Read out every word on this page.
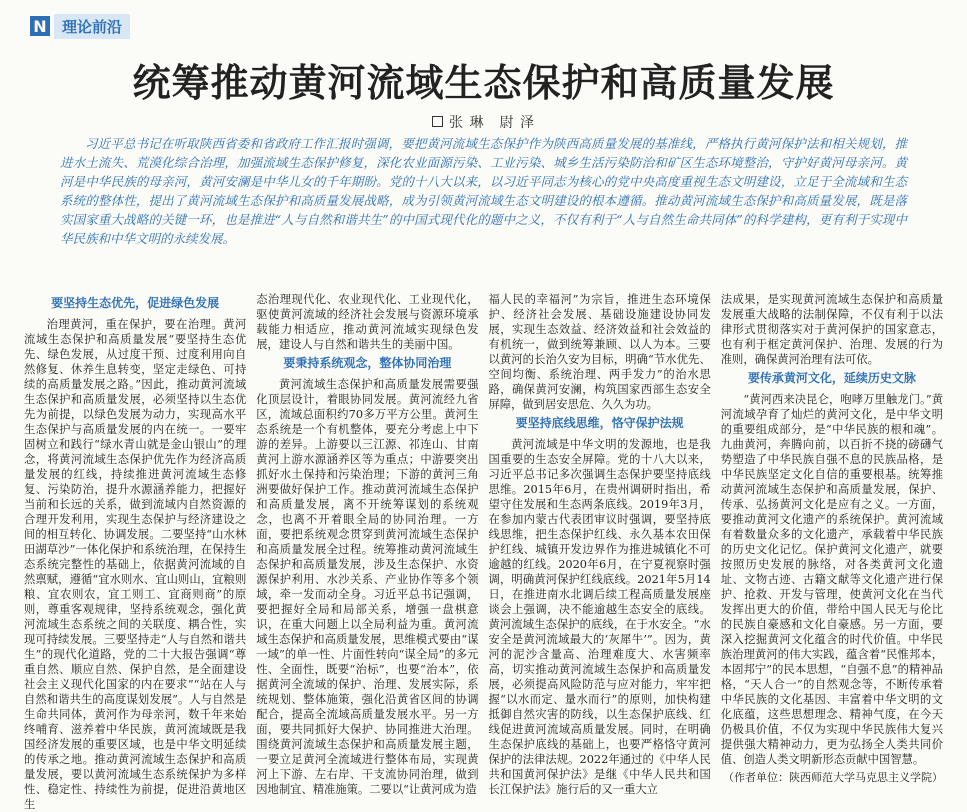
N	理论前沿
统筹推动黄河流域生态保护和高质量发展
张 琳　尉 泽

习近平总书记在听取陕西省委和省政府工作汇报时强调，要把黄河流域生态保护作为陕西高质量发展的基准线，严格执行黄河保护法和相关规划，推进水土流失、荒漠化综合治理，加强流域生态保护修复，深化农业面源污染、工业污染、城乡生活污染防治和矿区生态环境整治，守护好黄河母亲河。黄河是中华民族的母亲河，黄河安澜是中华儿女的千年期盼。党的十八大以来，以习近平同志为核心的党中央高度重视生态文明建设，立足于全流域和生态系统的整体性，提出了黄河流域生态保护和高质量发展战略，成为引领黄河流域生态文明建设的根本遵循。推动黄河流域生态保护和高质量发展，既是落实国家重大战略的关键一环，也是推进“人与自然和谐共生”的中国式现代化的题中之义，不仅有利于“人与自然生命共同体”的科学建构，更有利于实现中华民族和中华文明的永续发展。

要坚持生态优先，促进绿色发展

治理黄河，重在保护，要在治理。黄河流域生态保护和高质量发展“要坚持生态优先、绿色发展，从过度干预、过度利用向自然修复、休养生息转变，坚定走绿色、可持续的高质量发展之路。”因此，推动黄河流域生态保护和高质量发展，必须坚持以生态优先为前提，以绿色发展为动力，实现高水平生态保护与高质量发展的内在统一。一要牢固树立和践行“绿水青山就是金山银山”的理念，将黄河流域生态保护优先作为经济高质量发展的红线，持续推进黄河流域生态修复、污染防治，提升水源涵养能力，把握好当前和长远的关系，做到流域内自然资源的合理开发利用，实现生态保护与经济建设之间的相互转化、协调发展。二要坚持“山水林田湖草沙”一体化保护和系统治理，在保持生态系统完整性的基础上，依据黄河流域的自然禀赋，遵循“宜水则水、宜山则山，宜粮则粮、宜农则农，宜工则工、宜商则商”的原则，尊重客观规律，坚持系统观念，强化黄河流域生态系统之间的关联度、耦合性，实现可持续发展。三要坚持走“人与自然和谐共生”的现代化道路，党的二十大报告强调“尊重自然、顺应自然、保护自然，是全面建设社会主义现代化国家的内在要求”“站在人与自然和谐共生的高度谋划发展”。人与自然是生命共同体，黄河作为母亲河，数千年来始终哺育、滋养着中华民族，黄河流域既是我国经济发展的重要区域，也是中华文明延续的传承之地。推动黄河流域生态保护和高质量发展，要以黄河流域生态系统保护为多样性、稳定性、持续性为前提，促进沿黄地区生

态治理现代化、农业现代化、工业现代化，驱使黄河流域的经济社会发展与资源环境承载能力相适应，推动黄河流域实现绿色发展，建设人与自然和谐共生的美丽中国。

要秉持系统观念，整体协同治理

黄河流域生态保护和高质量发展需要强化顶层设计，着眼协同发展。黄河流经九省区，流域总面积约70多万平方公里。黄河生态系统是一个有机整体，要充分考虑上中下游的差异。上游要以三江源、祁连山、甘南黄河上游水源涵养区等为重点；中游要突出抓好水土保持和污染治理；下游的黄河三角洲要做好保护工作。推动黄河流域生态保护和高质量发展，离不开统筹谋划的系统观念，也离不开着眼全局的协同治理。一方面，要把系统观念贯穿到黄河流域生态保护和高质量发展全过程。统筹推动黄河流域生态保护和高质量发展，涉及生态保护、水资源保护利用、水沙关系、产业协作等多个领域，牵一发而动全身。习近平总书记强调，要把握好全局和局部关系，增强一盘棋意识，在重大问题上以全局利益为重。黄河流域生态保护和高质量发展，思维模式要由“谋一域”的单一性、片面性转向“谋全局”的多元性、全面性，既要“治标”，也要“治本”，依据黄河全流域的保护、治理、发展实际，系统规划、整体施策，强化沿黄省区间的协调配合，提高全流域高质量发展水平。另一方面，要共同抓好大保护、协同推进大治理。围绕黄河流域生态保护和高质量发展主题，一要立足黄河全流域进行整体布局，实现黄河上下游、左右岸、干支流协同治理，做到因地制宜、精准施策。二要以“让黄河成为造

福人民的幸福河”为宗旨，推进生态环境保护、经济社会发展、基础设施建设协同发展，实现生态效益、经济效益和社会效益的有机统一，做到统筹兼顾、以人为本。三要以黄河的长治久安为目标，明确“节水优先、空间均衡、系统治理、两手发力”的治水思路，确保黄河安澜，构筑国家西部生态安全屏障，做到居安思危、久久为功。

要坚持底线思维，恪守保护法规

黄河流域是中华文明的发源地，也是我国重要的生态安全屏障。党的十八大以来，习近平总书记多次强调生态保护要坚持底线思维。2015年6月，在贵州调研时指出，希望守住发展和生态两条底线。2019年3月，在参加内蒙古代表团审议时强调，要坚持底线思维，把生态保护红线、永久基本农田保护红线、城镇开发边界作为推进城镇化不可逾越的红线。2020年6月，在宁夏视察时强调，明确黄河保护红线底线。2021年5月14日，在推进南水北调后续工程高质量发展座谈会上强调，决不能逾越生态安全的底线。黄河流域生态保护的底线，在于水安全。“水安全是黄河流域最大的‘灰犀牛’”。因为，黄河的泥沙含量高、治理难度大、水害频率高，切实推动黄河流域生态保护和高质量发展，必须提高风险防范与应对能力，牢牢把握“以水而定、量水而行”的原则，加快构建抵御自然灾害的防线，以生态保护底线、红线促进黄河流域高质量发展。同时，在明确生态保护底线的基础上，也要严格恪守黄河保护的法律法规。2022年通过的《中华人民共和国黄河保护法》是继《中华人民共和国长江保护法》施行后的又一重大立

法成果，是实现黄河流域生态保护和高质量发展重大战略的法制保障，不仅有利于以法律形式贯彻落实对于黄河保护的国家意志，也有利于框定黄河保护、治理、发展的行为准则，确保黄河治理有法可依。

要传承黄河文化，延续历史文脉

“黄河西来决昆仑，咆哮万里触龙门。”黄河流域孕育了灿烂的黄河文化，是中华文明的重要组成部分，是“中华民族的根和魂”。九曲黄河，奔腾向前，以百折不挠的磅礴气势塑造了中华民族自强不息的民族品格，是中华民族坚定文化自信的重要根基。统筹推动黄河流域生态保护和高质量发展，保护、传承、弘扬黄河文化是应有之义。一方面，要推动黄河文化遗产的系统保护。黄河流域有着数量众多的文化遗产，承载着中华民族的历史文化记忆。保护黄河文化遗产，就要按照历史发展的脉络，对各类黄河文化遗址、文物古迹、古籍文献等文化遗产进行保护、抢救、开发与管理，使黄河文化在当代发挥出更大的价值，带给中国人民无与伦比的民族自豪感和文化自豪感。另一方面，要深入挖掘黄河文化蕴含的时代价值。中华民族治理黄河的伟大实践，蕴含着“民惟邦本，本固邦宁”的民本思想，“自强不息”的精神品格，“天人合一”的自然观念等，不断传承着中华民族的文化基因、丰富着中华文明的文化底蕴，这些思想理念、精神气度，在今天仍极具价值，不仅为实现中华民族伟大复兴提供强大精神动力，更为弘扬全人类共同价值、创造人类文明新形态贡献中国智慧。

（作者单位：陕西师范大学马克思主义学院）
